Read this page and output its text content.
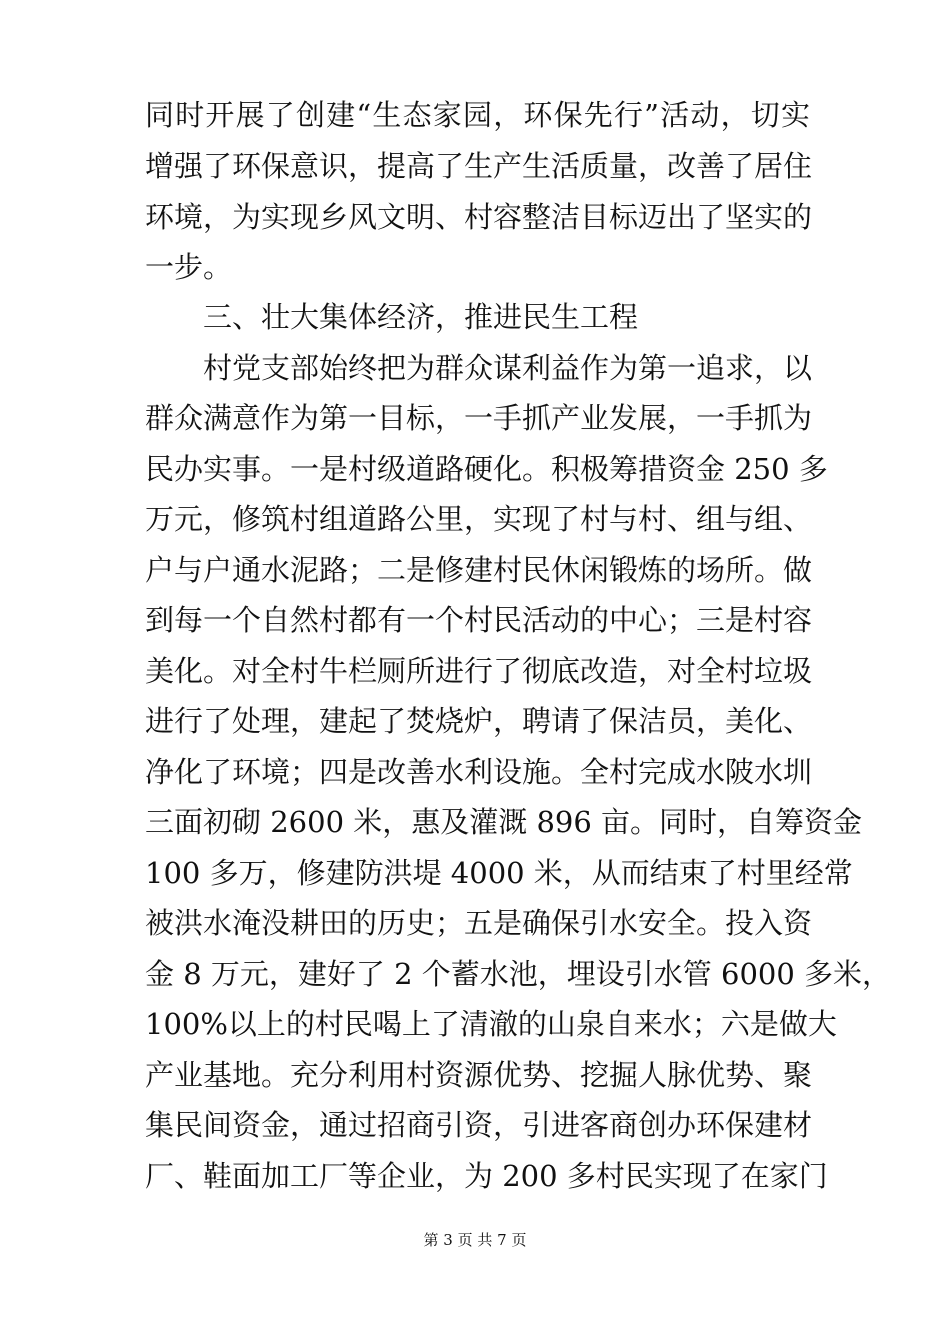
同时开展了创建“生态家园，环保先行”活动，切实
增强了环保意识，提高了生产生活质量，改善了居住
环境，为实现乡风文明、村容整洁目标迈出了坚实的
一步。
三、壮大集体经济，推进民生工程
村党支部始终把为群众谋利益作为第一追求，以
群众满意作为第一目标，一手抓产业发展，一手抓为
民办实事。一是村级道路硬化。积极筹措资金 250 多
万元，修筑村组道路公里，实现了村与村、组与组、
户与户通水泥路；二是修建村民休闲锻炼的场所。做
到每一个自然村都有一个村民活动的中心；三是村容
美化。对全村牛栏厕所进行了彻底改造，对全村垃圾
进行了处理，建起了焚烧炉，聘请了保洁员，美化、
净化了环境；四是改善水利设施。全村完成水陂水圳
三面初砌 2600 米，惠及灌溉 896 亩。同时，自筹资金
100 多万，修建防洪堤 4000 米，从而结束了村里经常
被洪水淹没耕田的历史；五是确保引水安全。投入资
金 8 万元，建好了 2 个蓄水池，埋设引水管 6000 多米，
100%以上的村民喝上了清澈的山泉自来水；六是做大
产业基地。充分利用村资源优势、挖掘人脉优势、聚
集民间资金，通过招商引资，引进客商创办环保建材
厂、鞋面加工厂等企业，为 200 多村民实现了在家门
第 3 页 共 7 页
